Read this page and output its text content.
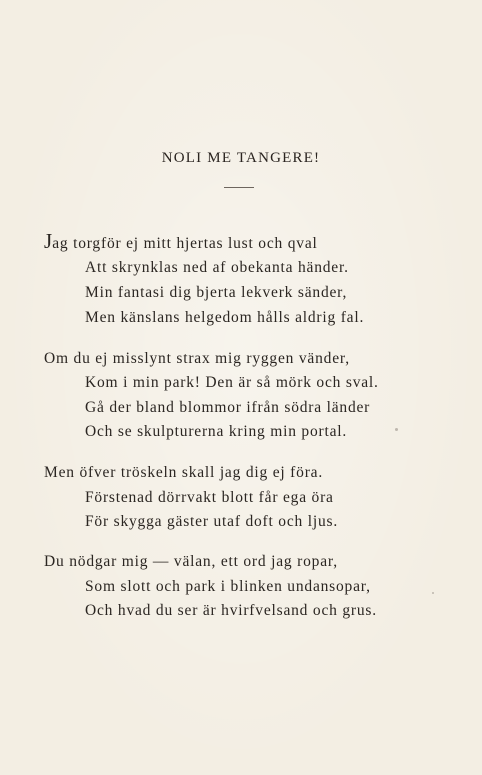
NOLI ME TANGERE!
Jag torgför ej mitt hjertas lust och qval
Att skrynklas ned af obekanta händer.
Min fantasi dig bjerta lekverk sänder,
Men känslans helgedom hålls aldrig fal.
Om du ej misslynt strax mig ryggen vänder,
Kom i min park! Den är så mörk och sval.
Gå der bland blommor ifrån södra länder
Och se skulpturerna kring min portal.
Men öfver tröskeln skall jag dig ej föra.
Förstenad dörrvakt blott får ega öra
För skygga gäster utaf doft och ljus.
Du nödgar mig — välan, ett ord jag ropar,
Som slott och park i blinken undansopar,
Och hvad du ser är hvirfvelsand och grus.
